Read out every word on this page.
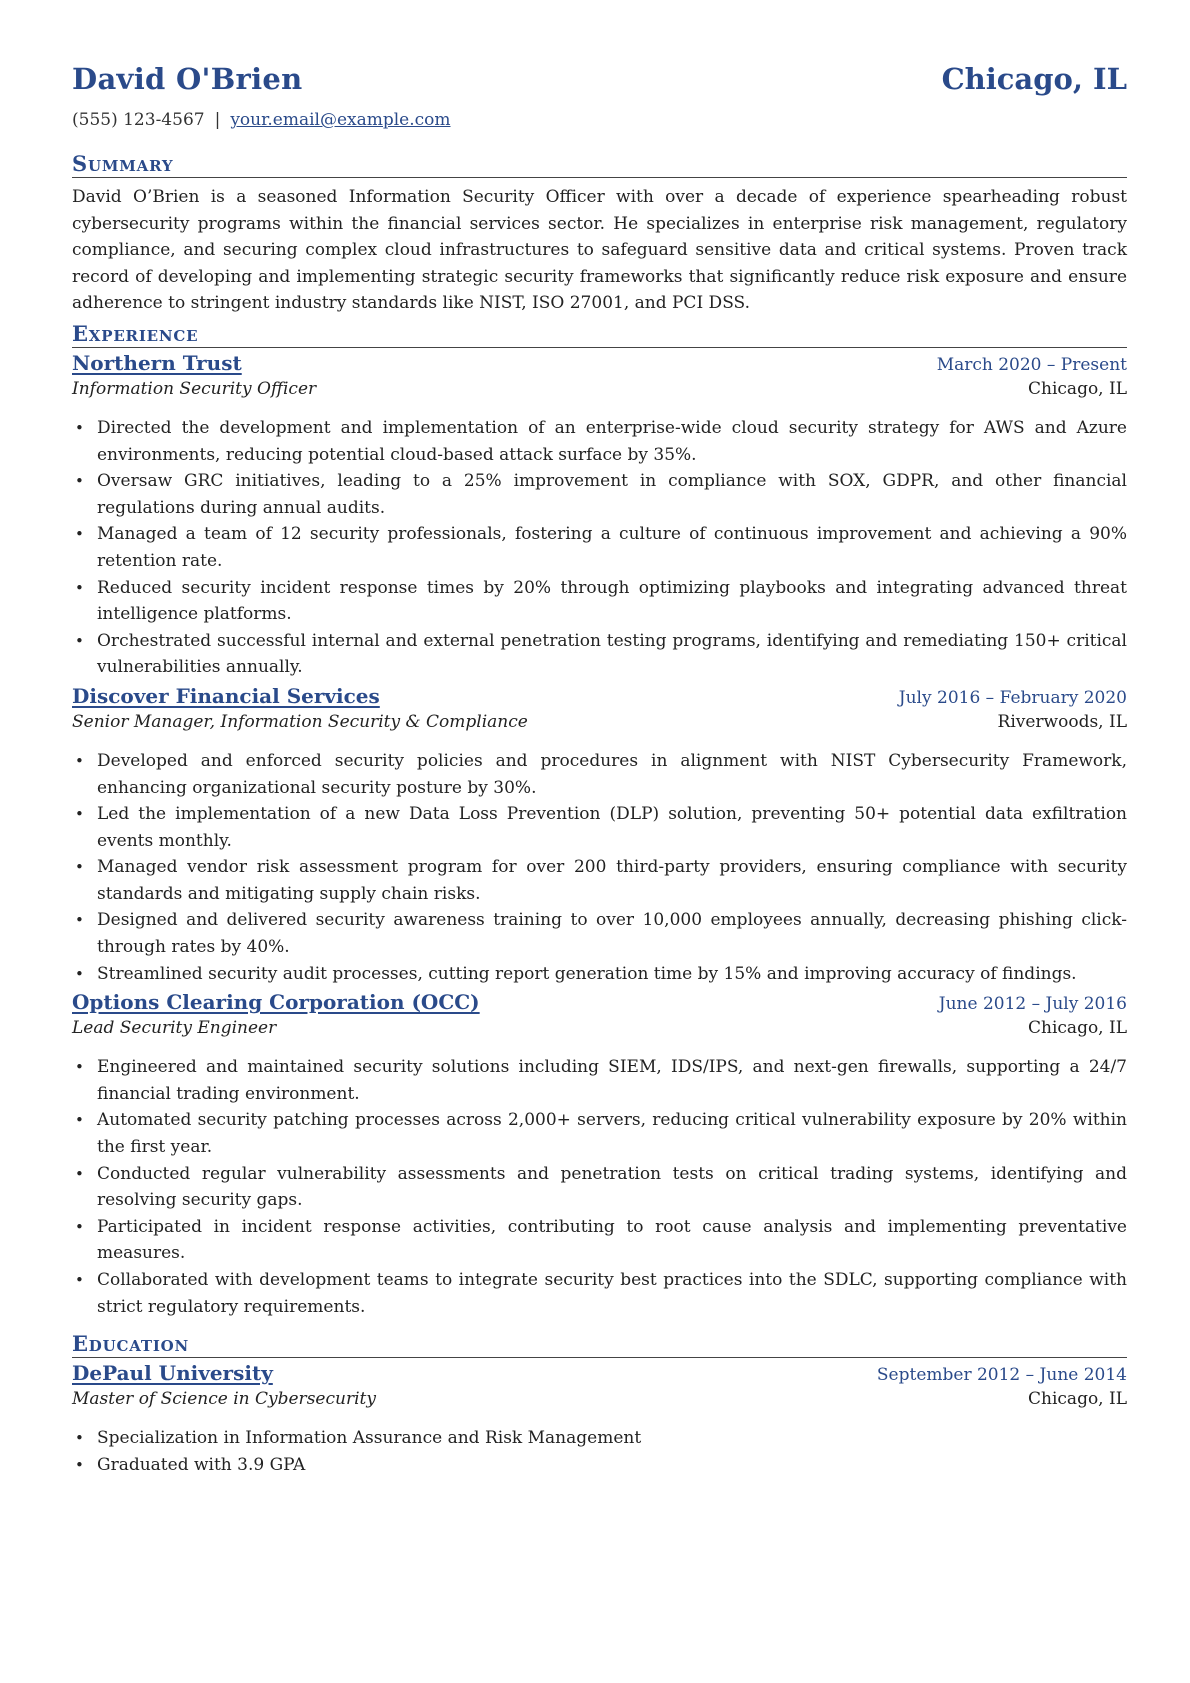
David O'Brien	Chicago, IL
(555) 123-4567 | your.email@example.com
Summary
David O’Brien is a seasoned Information Security Officer with over a decade of experience spearheading robust cybersecurity programs within the financial services sector. He specializes in enterprise risk management, regulatory compliance, and securing complex cloud infrastructures to safeguard sensitive data and critical systems. Proven track record of developing and implementing strategic security frameworks that significantly reduce risk exposure and ensure adherence to stringent industry standards like NIST, ISO 27001, and PCI DSS.
Experience
Northern Trust	March 2020 – Present
Information Security Officer	Chicago, IL
• Directed the development and implementation of an enterprise-wide cloud security strategy for AWS and Azure environments, reducing potential cloud-based attack surface by 35%.
• Oversaw GRC initiatives, leading to a 25% improvement in compliance with SOX, GDPR, and other financial regulations during annual audits.
• Managed a team of 12 security professionals, fostering a culture of continuous improvement and achieving a 90% retention rate.
• Reduced security incident response times by 20% through optimizing playbooks and integrating advanced threat intelligence platforms.
• Orchestrated successful internal and external penetration testing programs, identifying and remediating 150+ critical vulnerabilities annually.
Discover Financial Services	July 2016 – February 2020
Senior Manager, Information Security & Compliance	Riverwoods, IL
• Developed and enforced security policies and procedures in alignment with NIST Cybersecurity Framework, enhancing organizational security posture by 30%.
• Led the implementation of a new Data Loss Prevention (DLP) solution, preventing 50+ potential data exfiltration events monthly.
• Managed vendor risk assessment program for over 200 third-party providers, ensuring compliance with security standards and mitigating supply chain risks.
• Designed and delivered security awareness training to over 10,000 employees annually, decreasing phishing click-through rates by 40%.
• Streamlined security audit processes, cutting report generation time by 15% and improving accuracy of findings.
Options Clearing Corporation (OCC)	June 2012 – July 2016
Lead Security Engineer	Chicago, IL
• Engineered and maintained security solutions including SIEM, IDS/IPS, and next-gen firewalls, supporting a 24/7 financial trading environment.
• Automated security patching processes across 2,000+ servers, reducing critical vulnerability exposure by 20% within the first year.
• Conducted regular vulnerability assessments and penetration tests on critical trading systems, identifying and resolving security gaps.
• Participated in incident response activities, contributing to root cause analysis and implementing preventative measures.
• Collaborated with development teams to integrate security best practices into the SDLC, supporting compliance with strict regulatory requirements.
Education
DePaul University	September 2012 – June 2014
Master of Science in Cybersecurity	Chicago, IL
• Specialization in Information Assurance and Risk Management
• Graduated with 3.9 GPA
